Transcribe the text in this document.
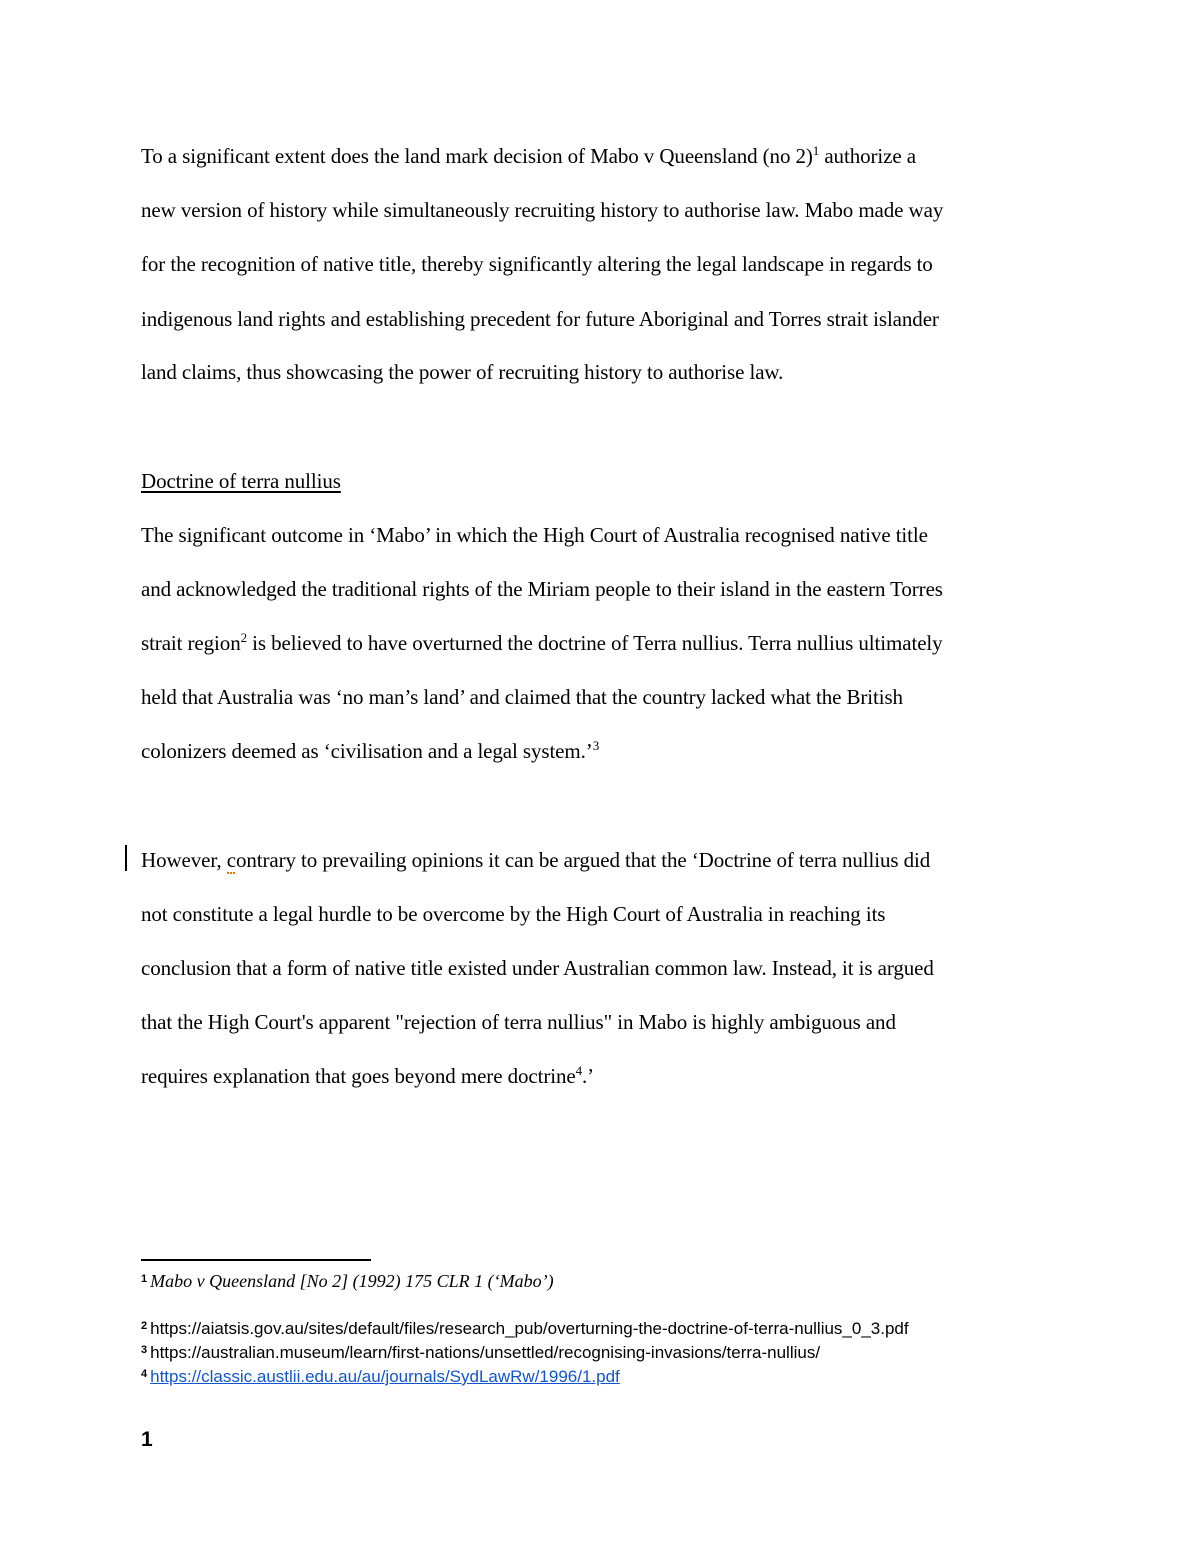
To a significant extent does the land mark decision of Mabo v Queensland (no 2)$^1$ authorize a
new version of history while simultaneously recruiting history to authorise law. Mabo made way
for the recognition of native title, thereby significantly altering the legal landscape in regards to
indigenous land rights and establishing precedent for future Aboriginal and Torres strait islander
land claims, thus showcasing the power of recruiting history to authorise law.
Doctrine of terra nullius
The significant outcome in ‘Mabo’ in which the High Court of Australia recognised native title
and acknowledged the traditional rights of the Miriam people to their island in the eastern Torres
strait region$^2$ is believed to have overturned the doctrine of Terra nullius. Terra nullius ultimately
held that Australia was ‘no man’s land’ and claimed that the country lacked what the British
colonizers deemed as ‘civilisation and a legal system.’$^3$
However, contrary to prevailing opinions it can be argued that the ‘Doctrine of terra nullius did
not constitute a legal hurdle to be overcome by the High Court of Australia in reaching its
conclusion that a form of native title existed under Australian common law. Instead, it is argued
that the High Court's apparent "rejection of terra nullius" in Mabo is highly ambiguous and
requires explanation that goes beyond mere doctrine$^4$.’
$^1$ Mabo v Queensland [No 2] (1992) 175 CLR 1 (‘Mabo’)
$^2$ https://aiatsis.gov.au/sites/default/files/research_pub/overturning-the-doctrine-of-terra-nullius_0_3.pdf
$^3$ https://australian.museum/learn/first-nations/unsettled/recognising-invasions/terra-nullius/
$^4$ https://classic.austlii.edu.au/au/journals/SydLawRw/1996/1.pdf
1
